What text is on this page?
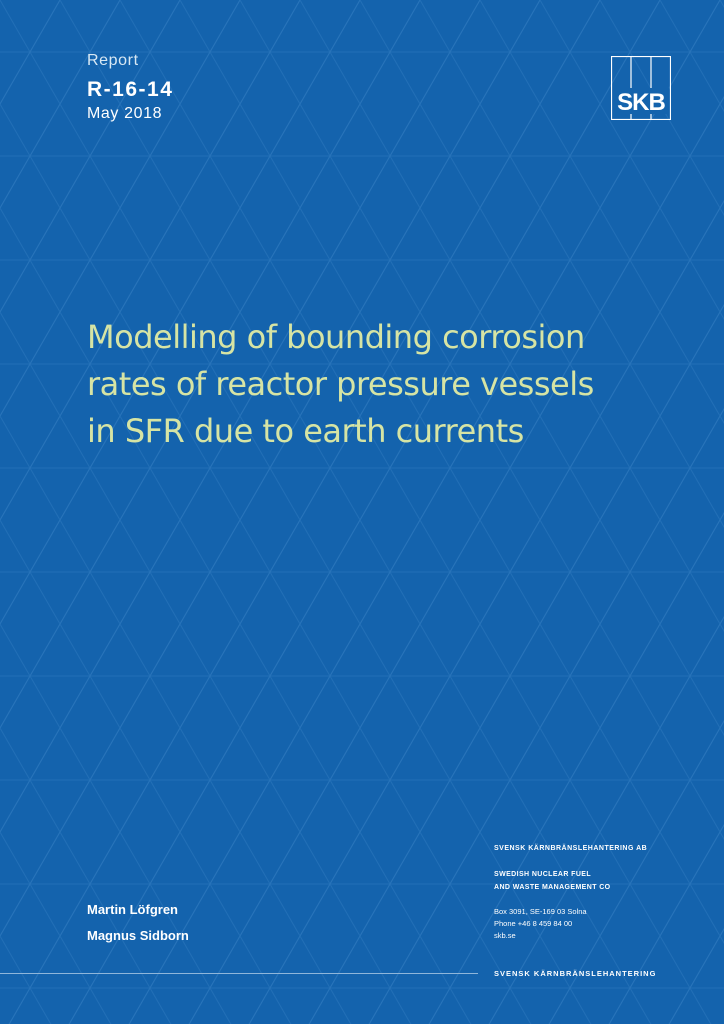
Report
R-16-14
May 2018	SKB
Modelling of bounding corrosion
rates of reactor pressure vessels
in SFR due to earth currents
Martin Löfgren
Magnus Sidborn
SVENSK KÄRNBRÄNSLEHANTERING AB
SWEDISH NUCLEAR FUEL
AND WASTE MANAGEMENT CO
Box 3091, SE-169 03 Solna
Phone +46 8 459 84 00
skb.se
SVENSK KÄRNBRÄNSLEHANTERING
